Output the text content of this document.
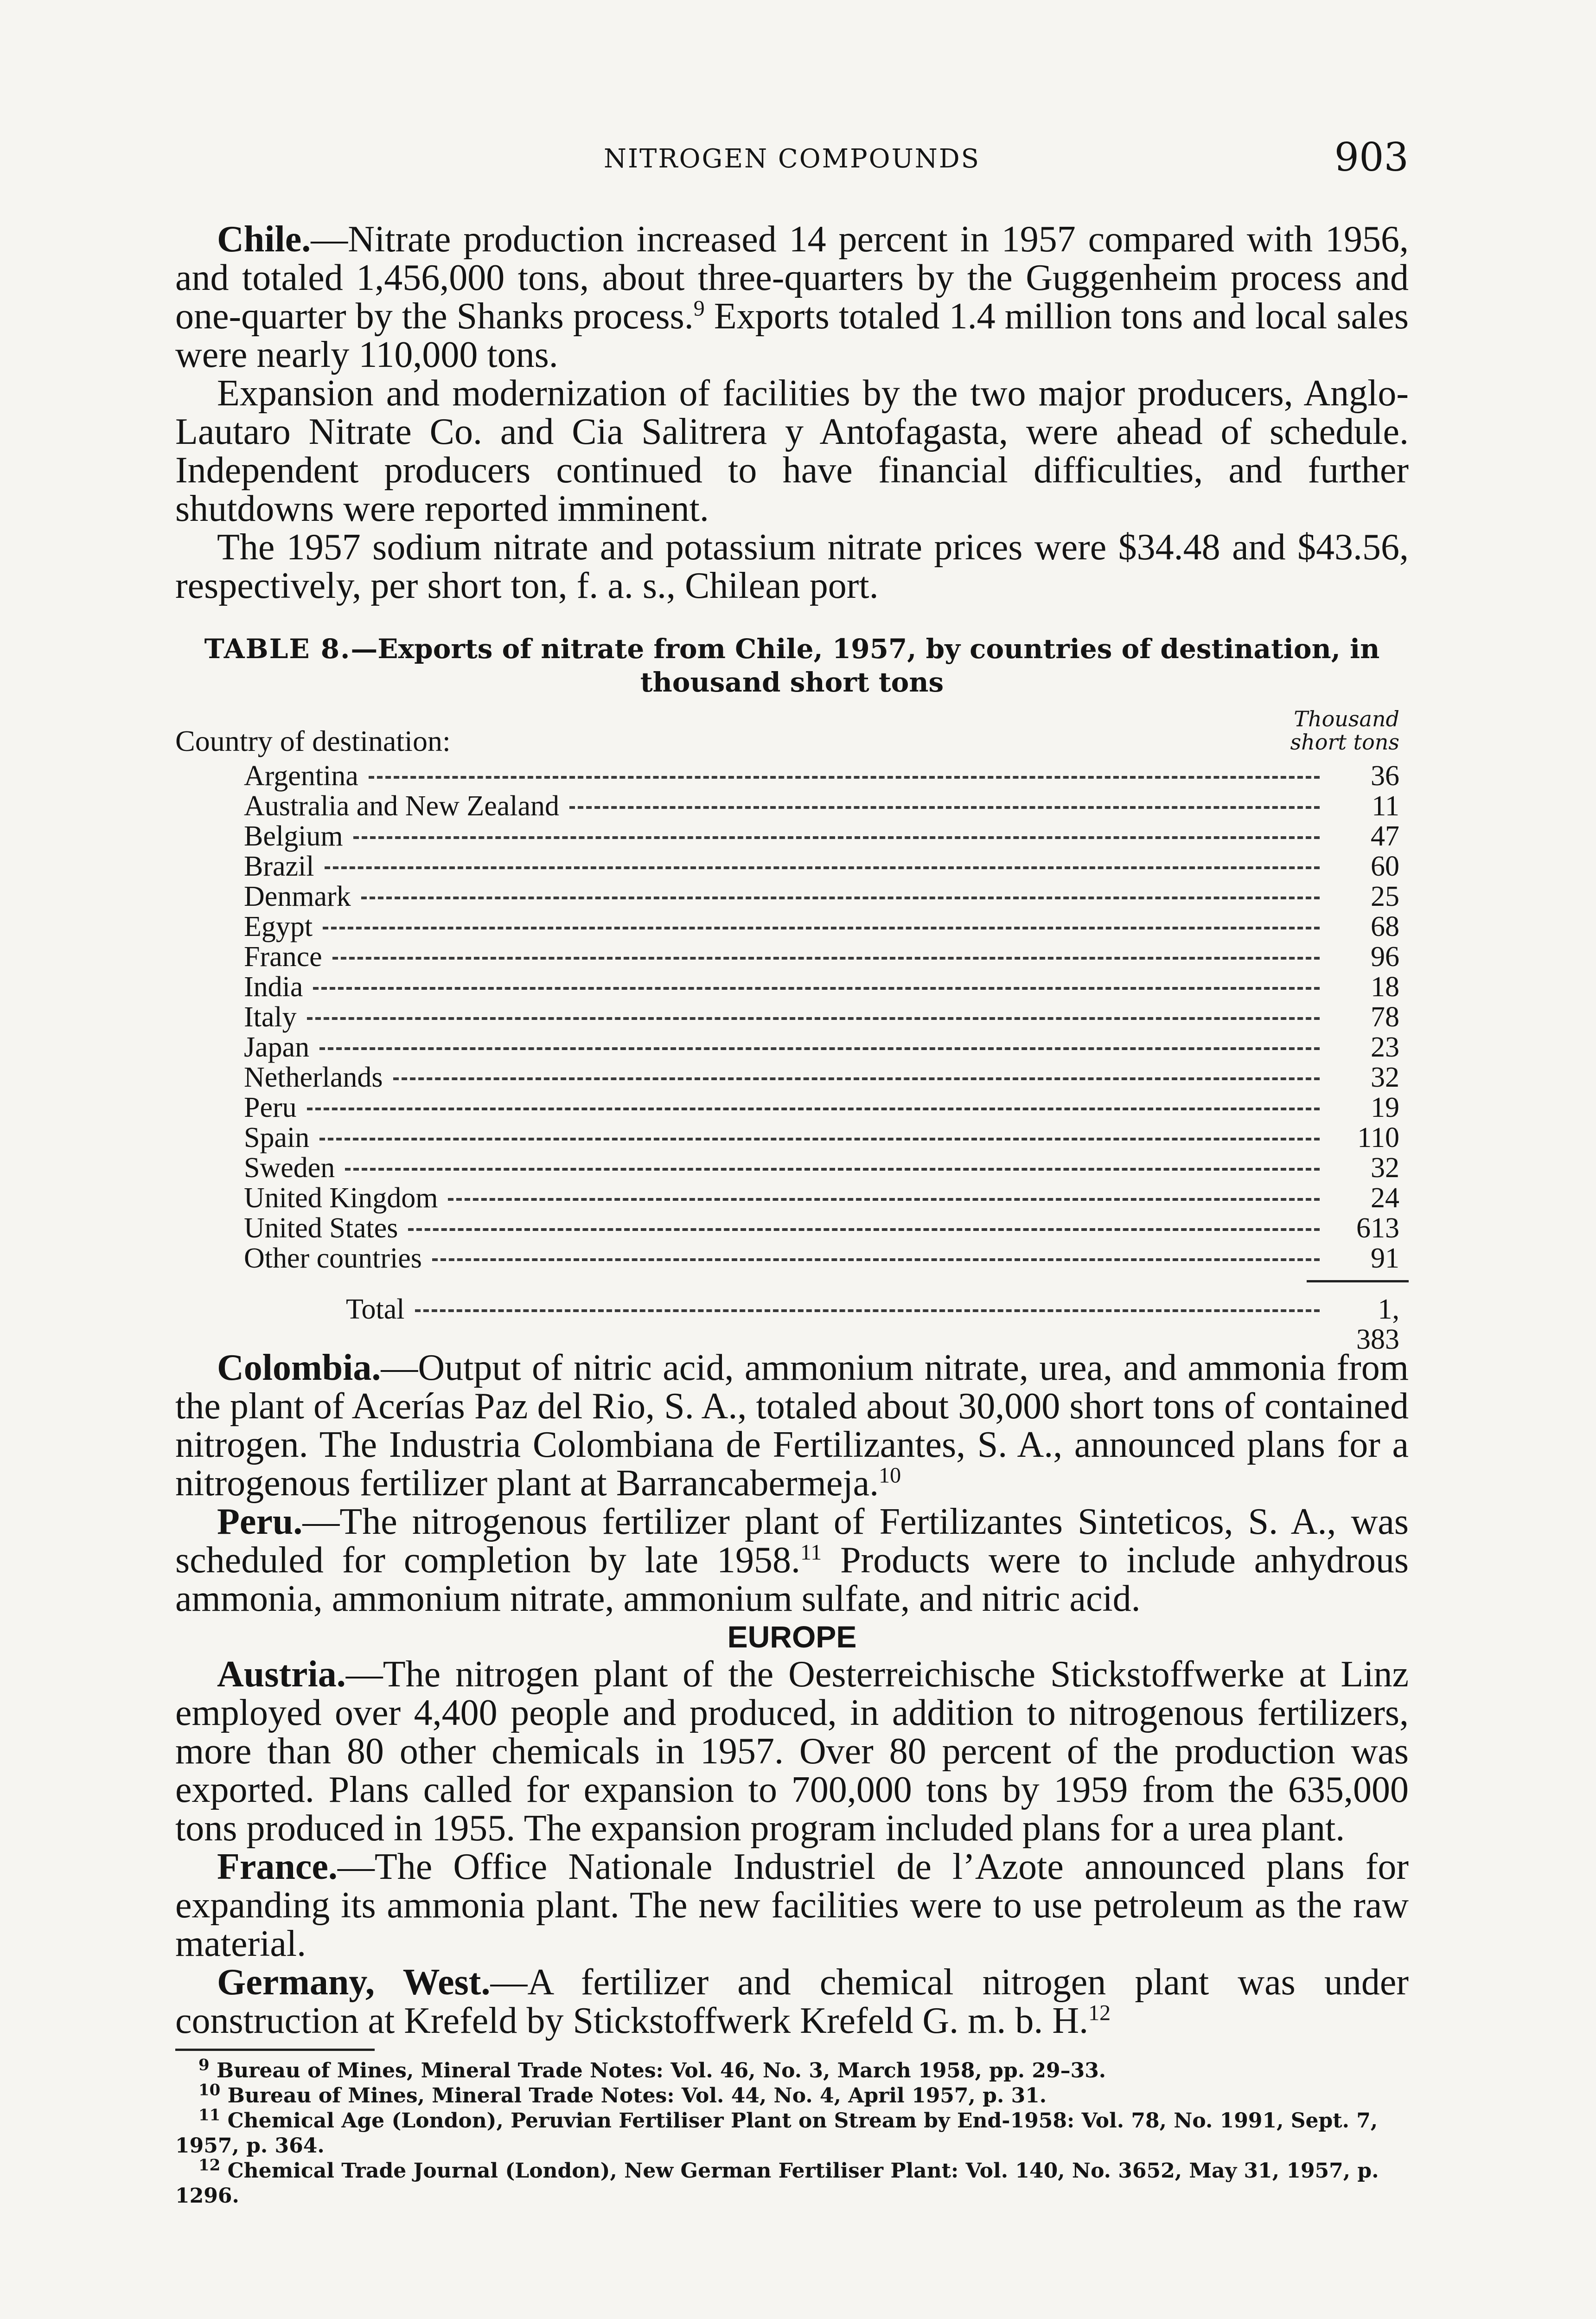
NITROGEN COMPOUNDS	903

Chile.—Nitrate production increased 14 percent in 1957 compared with 1956, and totaled 1,456,000 tons, about three-quarters by the Guggenheim process and one-quarter by the Shanks process.$^9$ Exports totaled 1.4 million tons and local sales were nearly 110,000 tons.

Expansion and modernization of facilities by the two major producers, Anglo-Lautaro Nitrate Co. and Cia Salitrera y Antofagasta, were ahead of schedule. Independent producers continued to have financial difficulties, and further shutdowns were reported imminent.

The 1957 sodium nitrate and potassium nitrate prices were $34.48 and $43.56, respectively, per short ton, f. a. s., Chilean port.

TABLE 8.—Exports of nitrate from Chile, 1957, by countries of destination, in thousand short tons

Thousand
short tons
Country of destination:
Argentina	36
Australia and New Zealand	11
Belgium	47
Brazil	60
Denmark	25
Egypt	68
France	96
India	18
Italy	78
Japan	23
Netherlands	32
Peru	19
Spain	110
Sweden	32
United Kingdom	24
United States	613
Other countries	91
Total	1, 383

Colombia.—Output of nitric acid, ammonium nitrate, urea, and ammonia from the plant of Acerías Paz del Rio, S. A., totaled about 30,000 short tons of contained nitrogen. The Industria Colombiana de Fertilizantes, S. A., announced plans for a nitrogenous fertilizer plant at Barrancabermeja.$^{10}$

Peru.—The nitrogenous fertilizer plant of Fertilizantes Sinteticos, S. A., was scheduled for completion by late 1958.11 Products were to include anhydrous ammonia, ammonium nitrate, ammonium sulfate, and nitric acid.

EUROPE

Austria.—The nitrogen plant of the Oesterreichische Stickstoffwerke at Linz employed over 4,400 people and produced, in addition to nitrogenous fertilizers, more than 80 other chemicals in 1957. Over 80 percent of the production was exported. Plans called for expansion to 700,000 tons by 1959 from the 635,000 tons produced in 1955. The expansion program included plans for a urea plant.

France.—The Office Nationale Industriel de l’Azote announced plans for expanding its ammonia plant. The new facilities were to use petroleum as the raw material.

Germany, West.—A fertilizer and chemical nitrogen plant was under construction at Krefeld by Stickstoffwerk Krefeld G. m. b. H.$^{12}$

$^9$ Bureau of Mines, Mineral Trade Notes: Vol. 46, No. 3, March 1958, pp. 29–33.

$^{10}$ Bureau of Mines, Mineral Trade Notes: Vol. 44, No. 4, April 1957, p. 31.

$^{11}$ Chemical Age (London), Peruvian Fertiliser Plant on Stream by End-1958: Vol. 78, No. 1991, Sept. 7, 1957, p. 364.

$^{12}$ Chemical Trade Journal (London), New German Fertiliser Plant: Vol. 140, No. 3652, May 31, 1957, p. 1296.
